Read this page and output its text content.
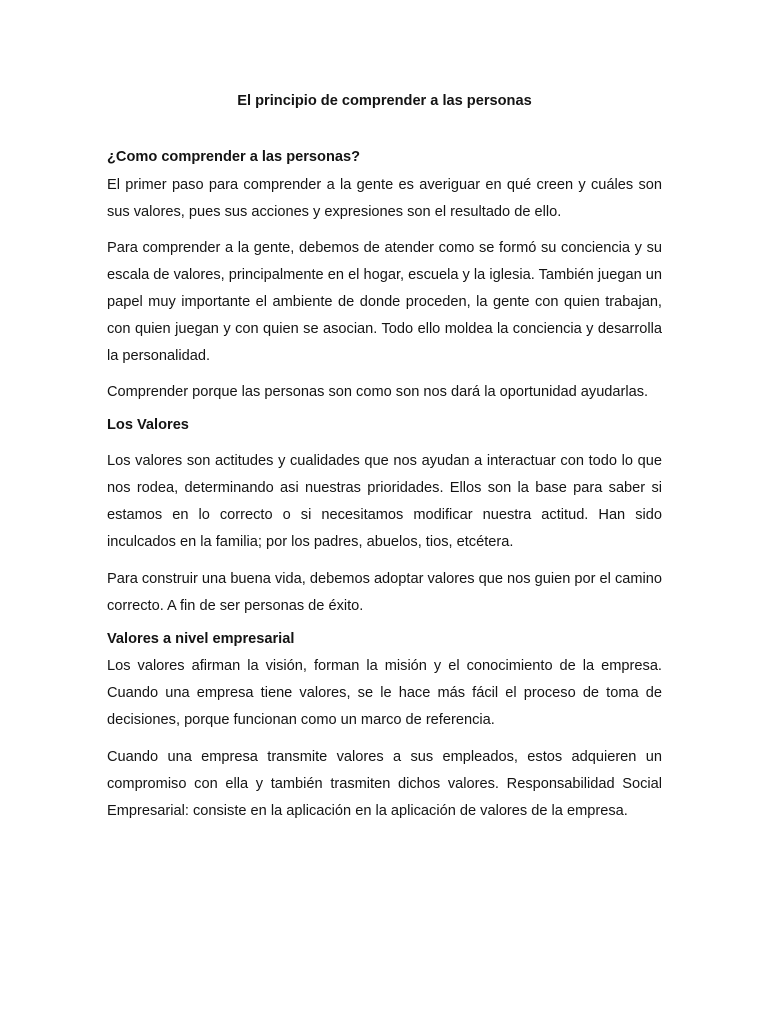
El principio de comprender a las personas

¿Como comprender a las personas?

El primer paso para comprender a la gente es averiguar en qué creen y cuáles son sus valores, pues sus acciones y expresiones son el resultado de ello.

Para comprender a la gente, debemos de atender como se formó su conciencia y su escala de valores, principalmente en el hogar, escuela y la iglesia. También juegan un papel muy importante el ambiente de donde proceden, la gente con quien trabajan, con quien juegan y con quien se asocian. Todo ello moldea la conciencia y desarrolla la personalidad.

Comprender porque las personas son como son nos dará la oportunidad ayudarlas.

Los Valores

Los valores son actitudes y cualidades que nos ayudan a interactuar con todo lo que nos rodea, determinando asi nuestras prioridades. Ellos son la base para saber si estamos en lo correcto o si necesitamos modificar nuestra actitud. Han sido inculcados en la familia; por los padres, abuelos, tios, etcétera.

Para construir una buena vida, debemos adoptar valores que nos guien por el camino correcto. A fin de ser personas de éxito.

Valores a nivel empresarial

Los valores afirman la visión, forman la misión y el conocimiento de la empresa. Cuando una empresa tiene valores, se le hace más fácil el proceso de toma de decisiones, porque funcionan como un marco de referencia.

Cuando una empresa transmite valores a sus empleados, estos adquieren un compromiso con ella y también trasmiten dichos valores. Responsabilidad Social Empresarial: consiste en la aplicación en la aplicación de valores de la empresa.
